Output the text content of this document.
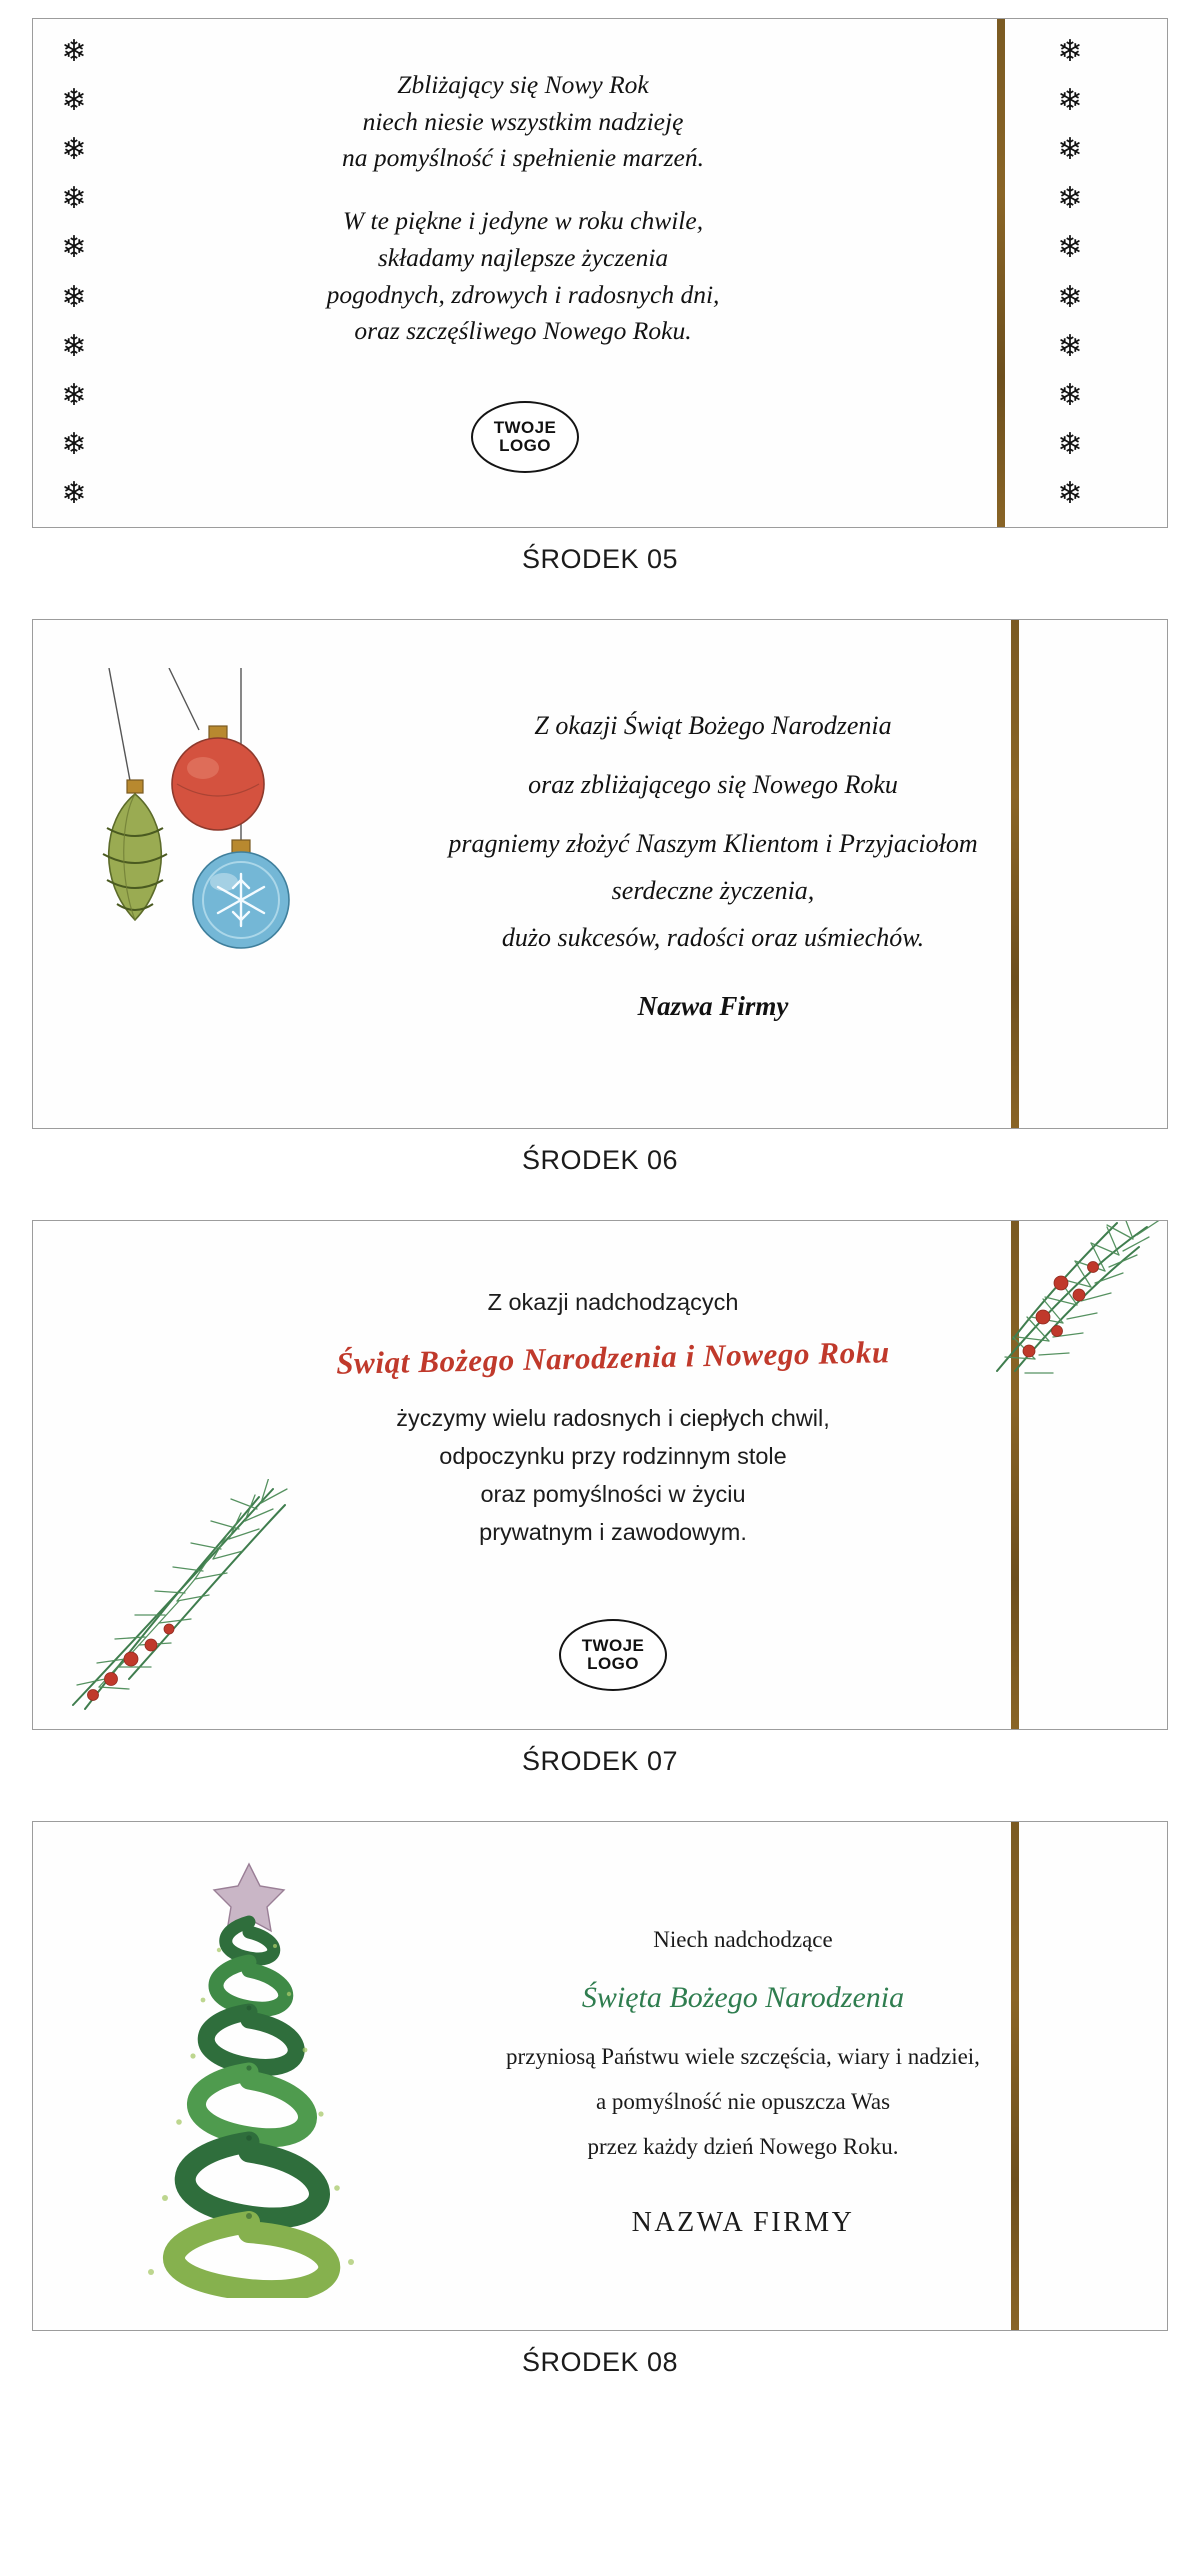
❄
❄
❄
❄
❄
❄
❄
❄
❄
❄
❄
❄
❄
❄
❄
❄
❄
❄
❄
❄
Zbliżający się Nowy Rok
niech niesie wszystkim nadzieję
na pomyślność i spełnienie marzeń.
W te piękne i jedyne w roku chwile,
składamy najlepsze życzenia
pogodnych, zdrowych i radosnych dni,
oraz szczęśliwego Nowego Roku.
TWOJE
LOGO
ŚRODEK 05
Z okazji Świąt Bożego Narodzenia
oraz zbliżającego się Nowego Roku
pragniemy złożyć Naszym Klientom i Przyjaciołom
serdeczne życzenia,
dużo sukcesów, radości oraz uśmiechów.
Nazwa Firmy
ŚRODEK 06
Z okazji nadchodzących
Świąt Bożego Narodzenia i Nowego Roku
życzymy wielu radosnych i ciepłych chwil,
odpoczynku przy rodzinnym stole
oraz pomyślności w życiu
prywatnym i zawodowym.
TWOJE
LOGO
ŚRODEK 07
Niech nadchodzące
Święta Bożego Narodzenia
przyniosą Państwu wiele szczęścia, wiary i nadziei,
a pomyślność nie opuszcza Was
przez każdy dzień Nowego Roku.
NAZWA FIRMY
ŚRODEK 08
